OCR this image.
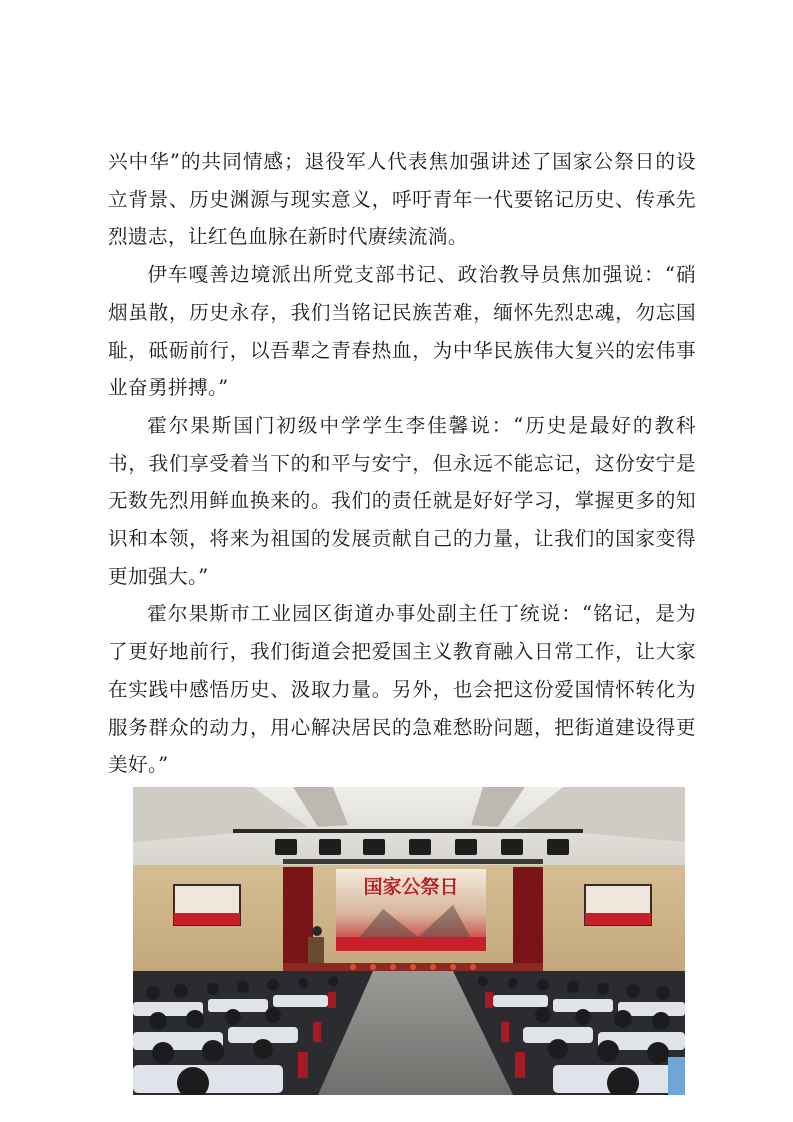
兴中华”的共同情感；退役军人代表焦加强讲述了国家公祭日的设立背景、历史渊源与现实意义，呼吁青年一代要铭记历史、传承先烈遗志，让红色血脉在新时代赓续流淌。

伊车嘎善边境派出所党支部书记、政治教导员焦加强说：“硝烟虽散，历史永存，我们当铭记民族苦难，缅怀先烈忠魂，勿忘国耻，砥砺前行，以吾辈之青春热血，为中华民族伟大复兴的宏伟事业奋勇拼搏。”

霍尔果斯国门初级中学学生李佳馨说：“历史是最好的教科书，我们享受着当下的和平与安宁，但永远不能忘记，这份安宁是无数先烈用鲜血换来的。我们的责任就是好好学习，掌握更多的知识和本领，将来为祖国的发展贡献自己的力量，让我们的国家变得更加强大。”

霍尔果斯市工业园区街道办事处副主任丁统说：“铭记，是为了更好地前行，我们街道会把爱国主义教育融入日常工作，让大家在实践中感悟历史、汲取力量。另外，也会把这份爱国情怀转化为服务群众的动力，用心解决居民的急难愁盼问题，把街道建设得更美好。”

国家公祭日
